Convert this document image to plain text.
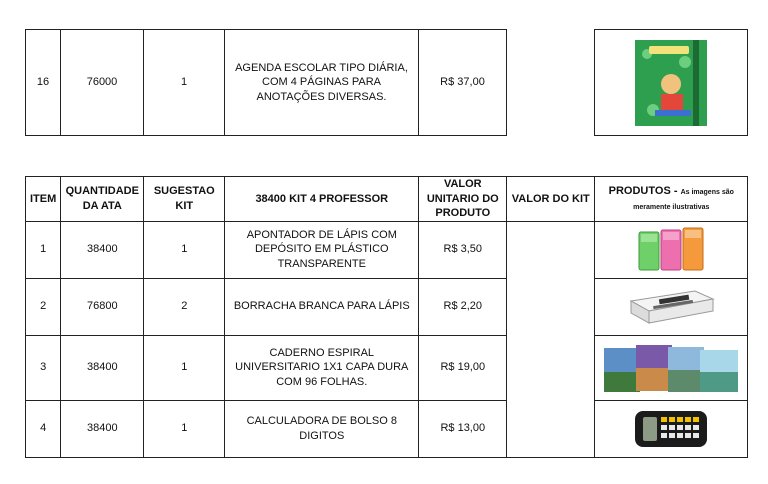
16	76000	1	AGENDA ESCOLAR TIPO DIÁRIA, COM 4 PÁGINAS PARA ANOTAÇÕES DIVERSAS.	R$ 37,00		
ITEM	QUANTIDADE DA ATA	SUGESTAO KIT	38400 KIT 4 PROFESSOR	VALOR UNITARIO DO PRODUTO	VALOR DO KIT	PRODUTOS - As imagens são meramente ilustrativas
1	38400	1	APONTADOR DE LÁPIS COM DEPÓSITO EM PLÁSTICO TRANSPARENTE	R$ 3,50		

2	76800	2	BORRACHA BRANCA PARA LÁPIS	R$ 2,20	

3	38400	1	CADERNO ESPIRAL UNIVERSITARIO 1X1 CAPA DURA COM 96 FOLHAS.	R$ 19,00	

4	38400	1	CALCULADORA DE BOLSO 8 DIGITOS	R$ 13,00	
